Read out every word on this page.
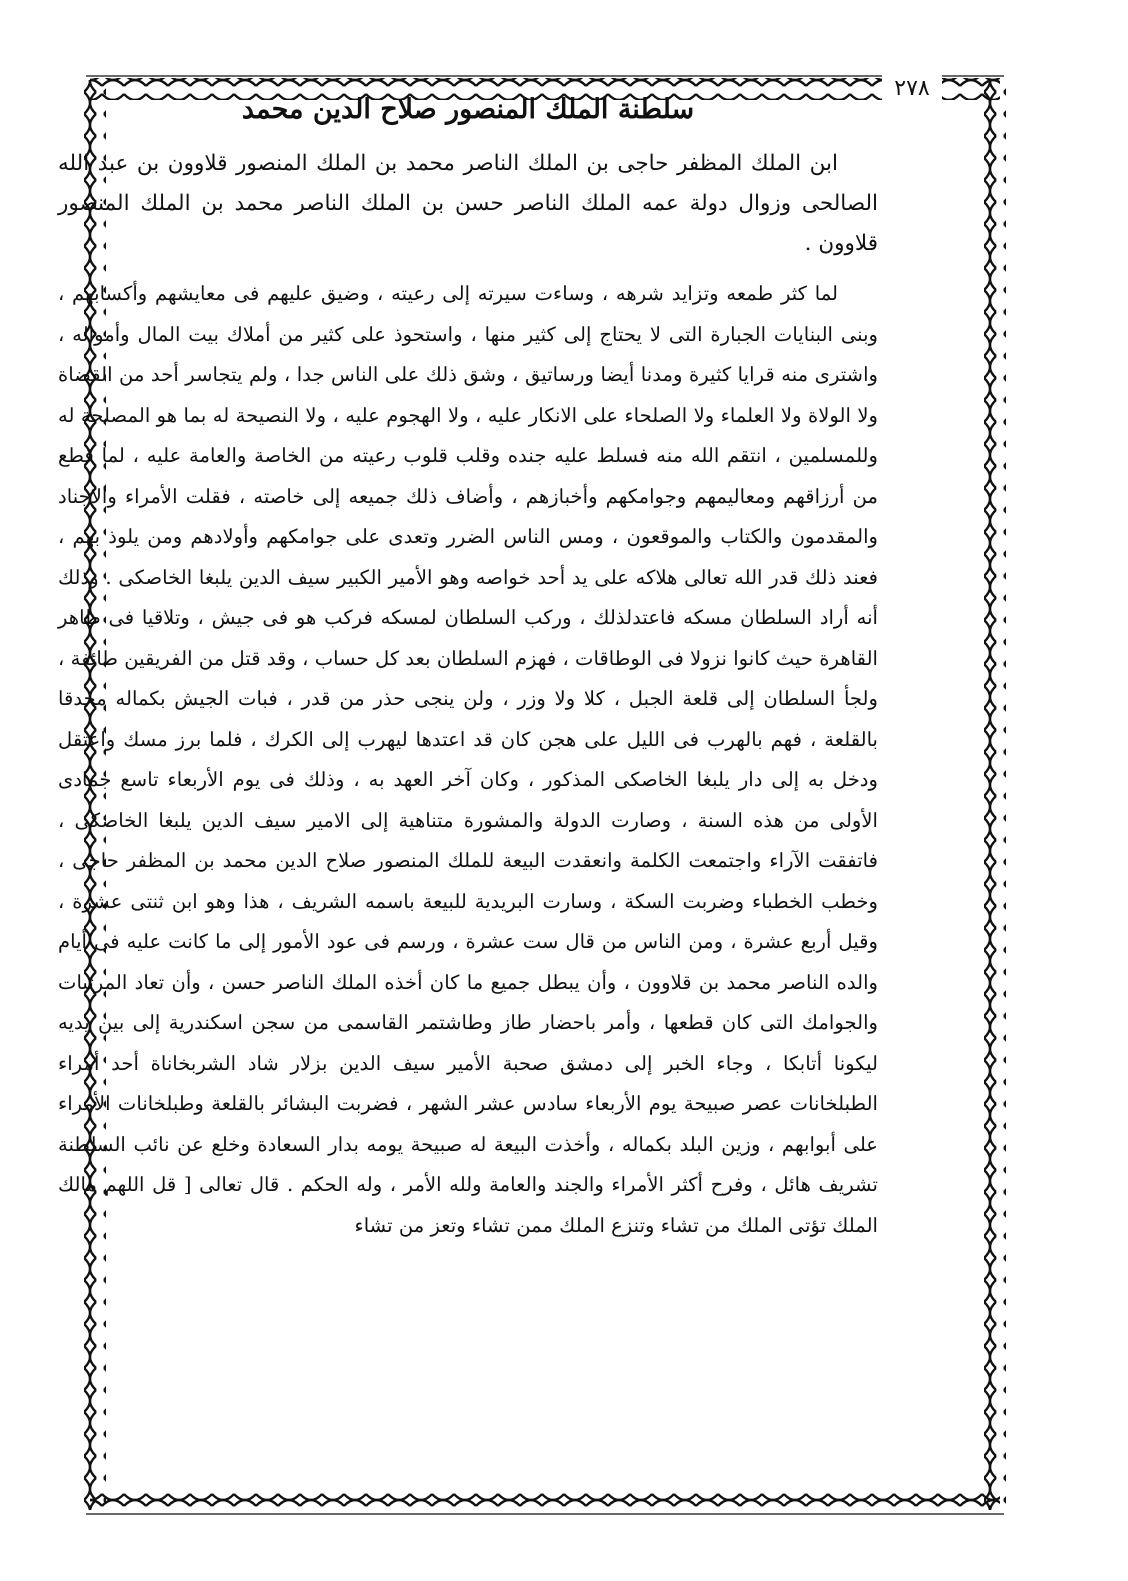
٢٧٨
سلطنة الملك المنصور صلاح الدين محمد

ابن الملك المظفر حاجى بن الملك الناصر محمد بن الملك المنصور قلاوون بن عبد الله الصالحى وزوال دولة عمه الملك الناصر حسن بن الملك الناصر محمد بن الملك المنصور قلاوون .

لما كثر طمعه وتزايد شرهه ، وساءت سيرته إلى رعيته ، وضيق عليهم فى معايشهم وأكسابهم ، وبنى البنايات الجبارة التى لا يحتاج إلى كثير منها ، واستحوذ على كثير من أملاك بيت المال وأمواله ، واشترى منه قرايا كثيرة ومدنا أيضا ورساتيق ، وشق ذلك على الناس جدا ، ولم يتجاسر أحد من القضاة ولا الولاة ولا العلماء ولا الصلحاء على الانكار عليه ، ولا الهجوم عليه ، ولا النصيحة له بما هو المصلحة له وللمسلمين ، انتقم الله منه فسلط عليه جنده وقلب قلوب رعيته من الخاصة والعامة عليه ، لما قطع من أرزاقهم ومعاليمهم وجوامكهم وأخبازهم ، وأضاف ذلك جميعه إلى خاصته ، فقلت الأمراء والاجناد والمقدمون والكتاب والموقعون ، ومس الناس الضرر وتعدى على جوامكهم وأولادهم ومن يلوذ بهم ، فعند ذلك قدر الله تعالى هلاكه على يد أحد خواصه وهو الأمير الكبير سيف الدين يلبغا الخاصكى . وذلك أنه أراد السلطان مسكه فاعتدلذلك ، وركب السلطان لمسكه فركب هو فى جيش ، وتلاقيا فى ظاهر القاهرة حيث كانوا نزولا فى الوطاقات ، فهزم السلطان بعد كل حساب ، وقد قتل من الفريقين طائفة ، ولجأ السلطان إلى قلعة الجبل ، كلا ولا وزر ، ولن ينجى حذر من قدر ، فبات الجيش بكماله محدقا بالقلعة ، فهم بالهرب فى الليل على هجن كان قد اعتدها ليهرب إلى الكرك ، فلما برز مسك واعتقل ودخل به إلى دار يلبغا الخاصكى المذكور ، وكان آخر العهد به ، وذلك فى يوم الأربعاء تاسع جمادى الأولى من هذه السنة ، وصارت الدولة والمشورة متناهية إلى الامير سيف الدين يلبغا الخاصكى ، فاتفقت الآراء واجتمعت الكلمة وانعقدت البيعة للملك المنصور صلاح الدين محمد بن المظفر حاجى ، وخطب الخطباء وضربت السكة ، وسارت البريدية للبيعة باسمه الشريف ، هذا وهو ابن ثنتى عشرة ، وقيل أربع عشرة ، ومن الناس من قال ست عشرة ، ورسم فى عود الأمور إلى ما كانت عليه فى أيام والده الناصر محمد بن قلاوون ، وأن يبطل جميع ما كان أخذه الملك الناصر حسن ، وأن تعاد المرتبات والجوامك التى كان قطعها ، وأمر باحضار طاز وطاشتمر القاسمى من سجن اسكندرية إلى بين يديه ليكونا أتابكا ، وجاء الخبر إلى دمشق صحبة الأمير سيف الدين بزلار شاد الشربخاناة أحد أمراء الطبلخانات عصر صبيحة يوم الأربعاء سادس عشر الشهر ، فضربت البشائر بالقلعة وطبلخانات الأمراء على أبوابهم ، وزين البلد بكماله ، وأخذت البيعة له صبيحة يومه بدار السعادة وخلع عن نائب السلطنة تشريف هائل ، وفرح أكثر الأمراء والجند والعامة ولله الأمر ، وله الحكم . قال تعالى [ قل اللهم مالك الملك تؤتى الملك من تشاء وتنزع الملك ممن تشاء وتعز من تشاء
